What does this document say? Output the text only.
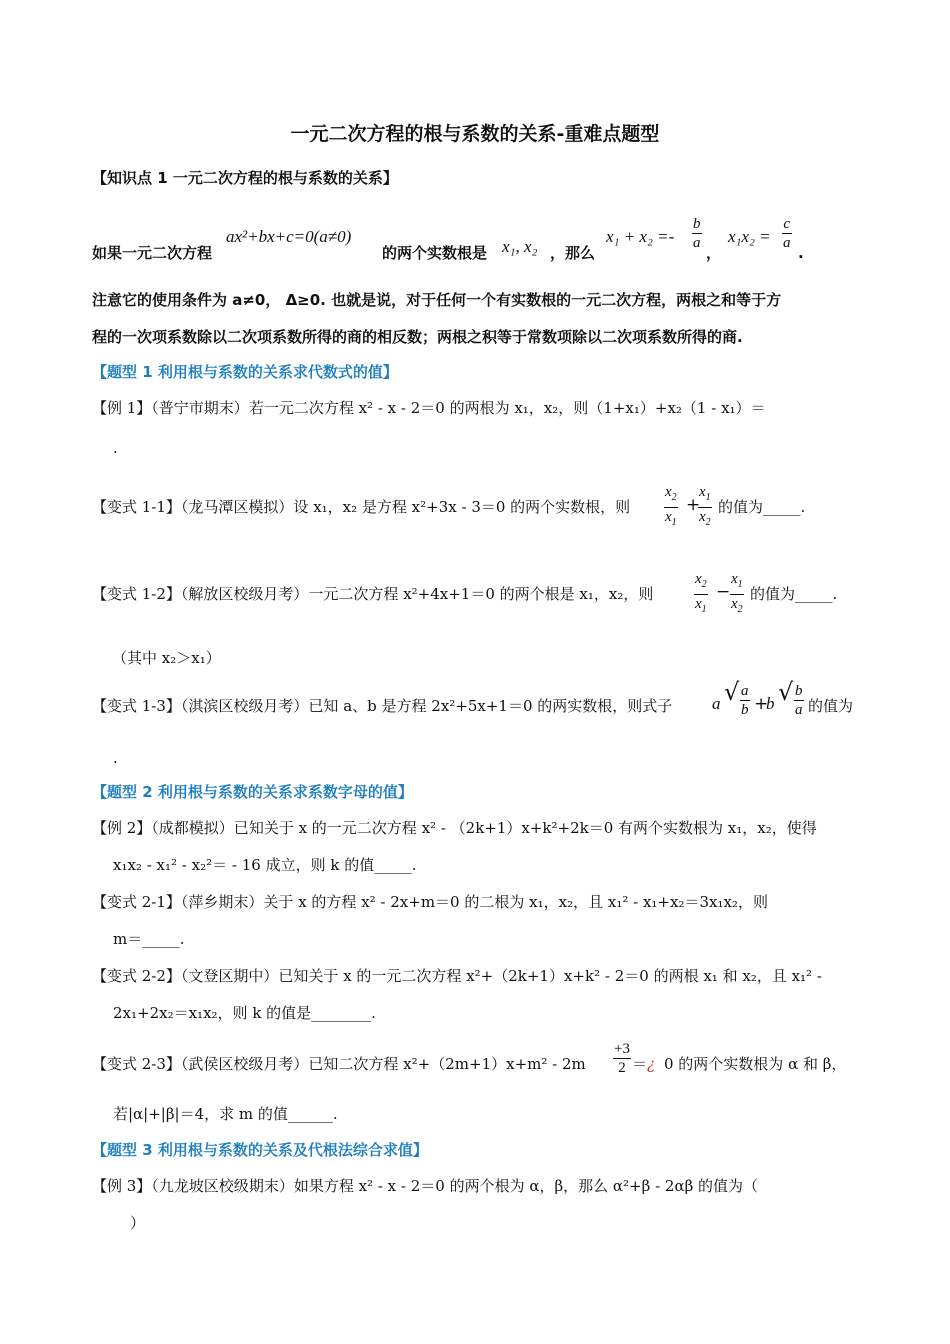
一元二次方程的根与系数的关系-重难点题型
【知识点 1 一元二次方程的根与系数的关系】
如果一元二次方程
ax²+bx+c=0(a≠0)
的两个实数根是 x₁, x₂ ，那么
$x_1 + x_2 =- \frac{b}{a}$
，
$x_1x_2 = \frac{c}{a}$
.
注意它的使用条件为 a≠0， Δ≥0. 也就是说，对于任何一个有实数根的一元二次方程，两根之和等于方
程的一次项系数除以二次项系数所得的商的相反数；两根之积等于常数项除以二次项系数所得的商.
【题型 1 利用根与系数的关系求代数式的值】
【例 1】（普宁市期末）若一元二次方程 x² - x - 2＝0 的两根为 x₁，x₂，则（1+x₁）+x₂（1 - x₁）＝
.
【变式 1-1】（龙马潭区模拟）设 x₁，x₂ 是方程 x²+3x - 3＝0 的两个实数根，则 $\frac{x_2}{x_1}$ +
$\frac{x_1}{x_2}$ 的值为_____.
【变式 1-2】（解放区校级月考）一元二次方程 x²+4x+1＝0 的两个根是 x₁，x₂，则	$\frac{x_2}{x_1} - \frac{x_1}{x_2}$ 的值为_____.
（其中 x₂＞x₁）
【变式 1-3】（淇滨区校级月考）已知 a、b 是方程 2x²+5x+1＝0 的两实数根，则式子 a √ $\frac{a}{b}$ +
b √ $\frac{b}{a}$ 的值为
.
【题型 2 利用根与系数的关系求系数字母的值】
【例 2】（成都模拟）已知关于 x 的一元二次方程 x² - （2k+1）x+k²+2k＝0 有两个实数根为 x₁，x₂，使得
x₁x₂ - x₁² - x₂²＝ - 16 成立，则 k 的值_____.
【变式 2-1】（萍乡期末）关于 x 的方程 x² - 2x+m＝0 的二根为 x₁，x₂，且 x₁² - x₁+x₂＝3x₁x₂，则
m＝_____.
【变式 2-2】（文登区期中）已知关于 x 的一元二次方程 x²+（2k+1）x+k² - 2＝0 的两根 x₁ 和 x₂，且 x₁² -
2x₁+2x₂＝x₁x₂，则 k 的值是________.
【变式 2-3】（武侯区校级月考）已知二次方程 $x^2+(2m+1)x+m^2 - 2m \frac{+3}{2}$ ＝¿ 0 的两个实数根为 α 和 β，
若|α|+|β|＝4，求 m 的值______.
【题型 3 利用根与系数的关系及代根法综合求值】
【例 3】（九龙坡区校级期末）如果方程 x² - x - 2＝0 的两个根为 α，β，那么 α²+β - 2αβ 的值为（
）
